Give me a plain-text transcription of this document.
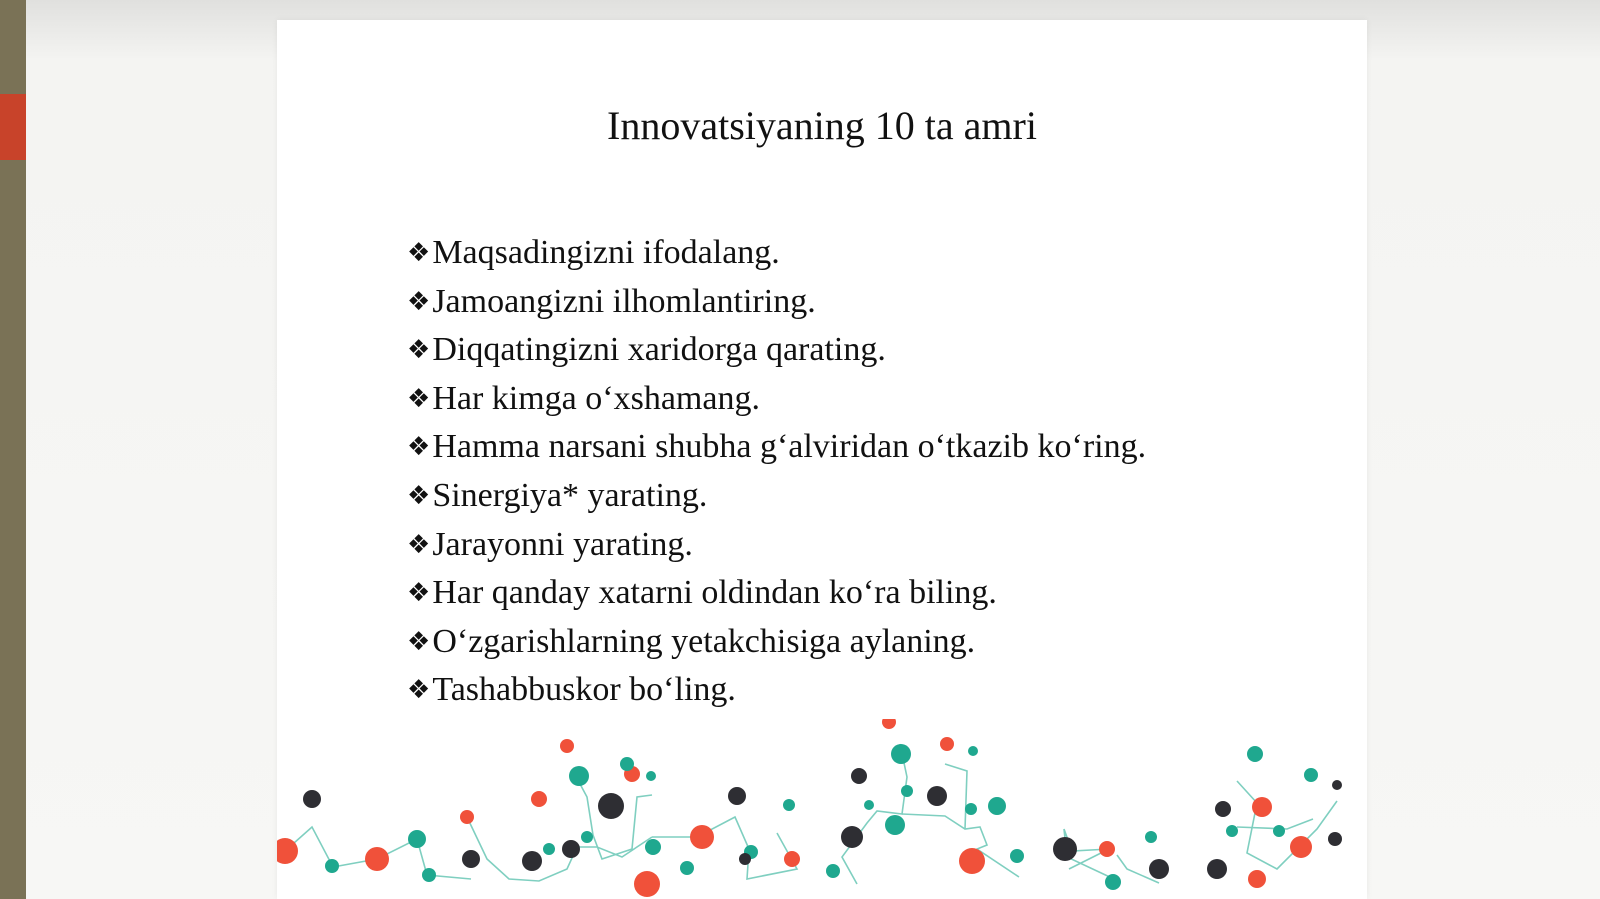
Innovatsiyaning 10 ta amri
❖ Maqsadingizni ifodalang.
❖ Jamoangizni ilhomlantiring.
❖ Diqqatingizni xaridorga qarating.
❖ Har kimga o‘xshamang.
❖ Hamma narsani shubha g‘alviridan o‘tkazib ko‘ring.
❖ Sinergiya* yarating.
❖ Jarayonni yarating.
❖ Har qanday xatarni oldindan ko‘ra biling.
❖ O‘zgarishlarning yetakchisiga aylaning.
❖ Tashabbuskor bo‘ling.
